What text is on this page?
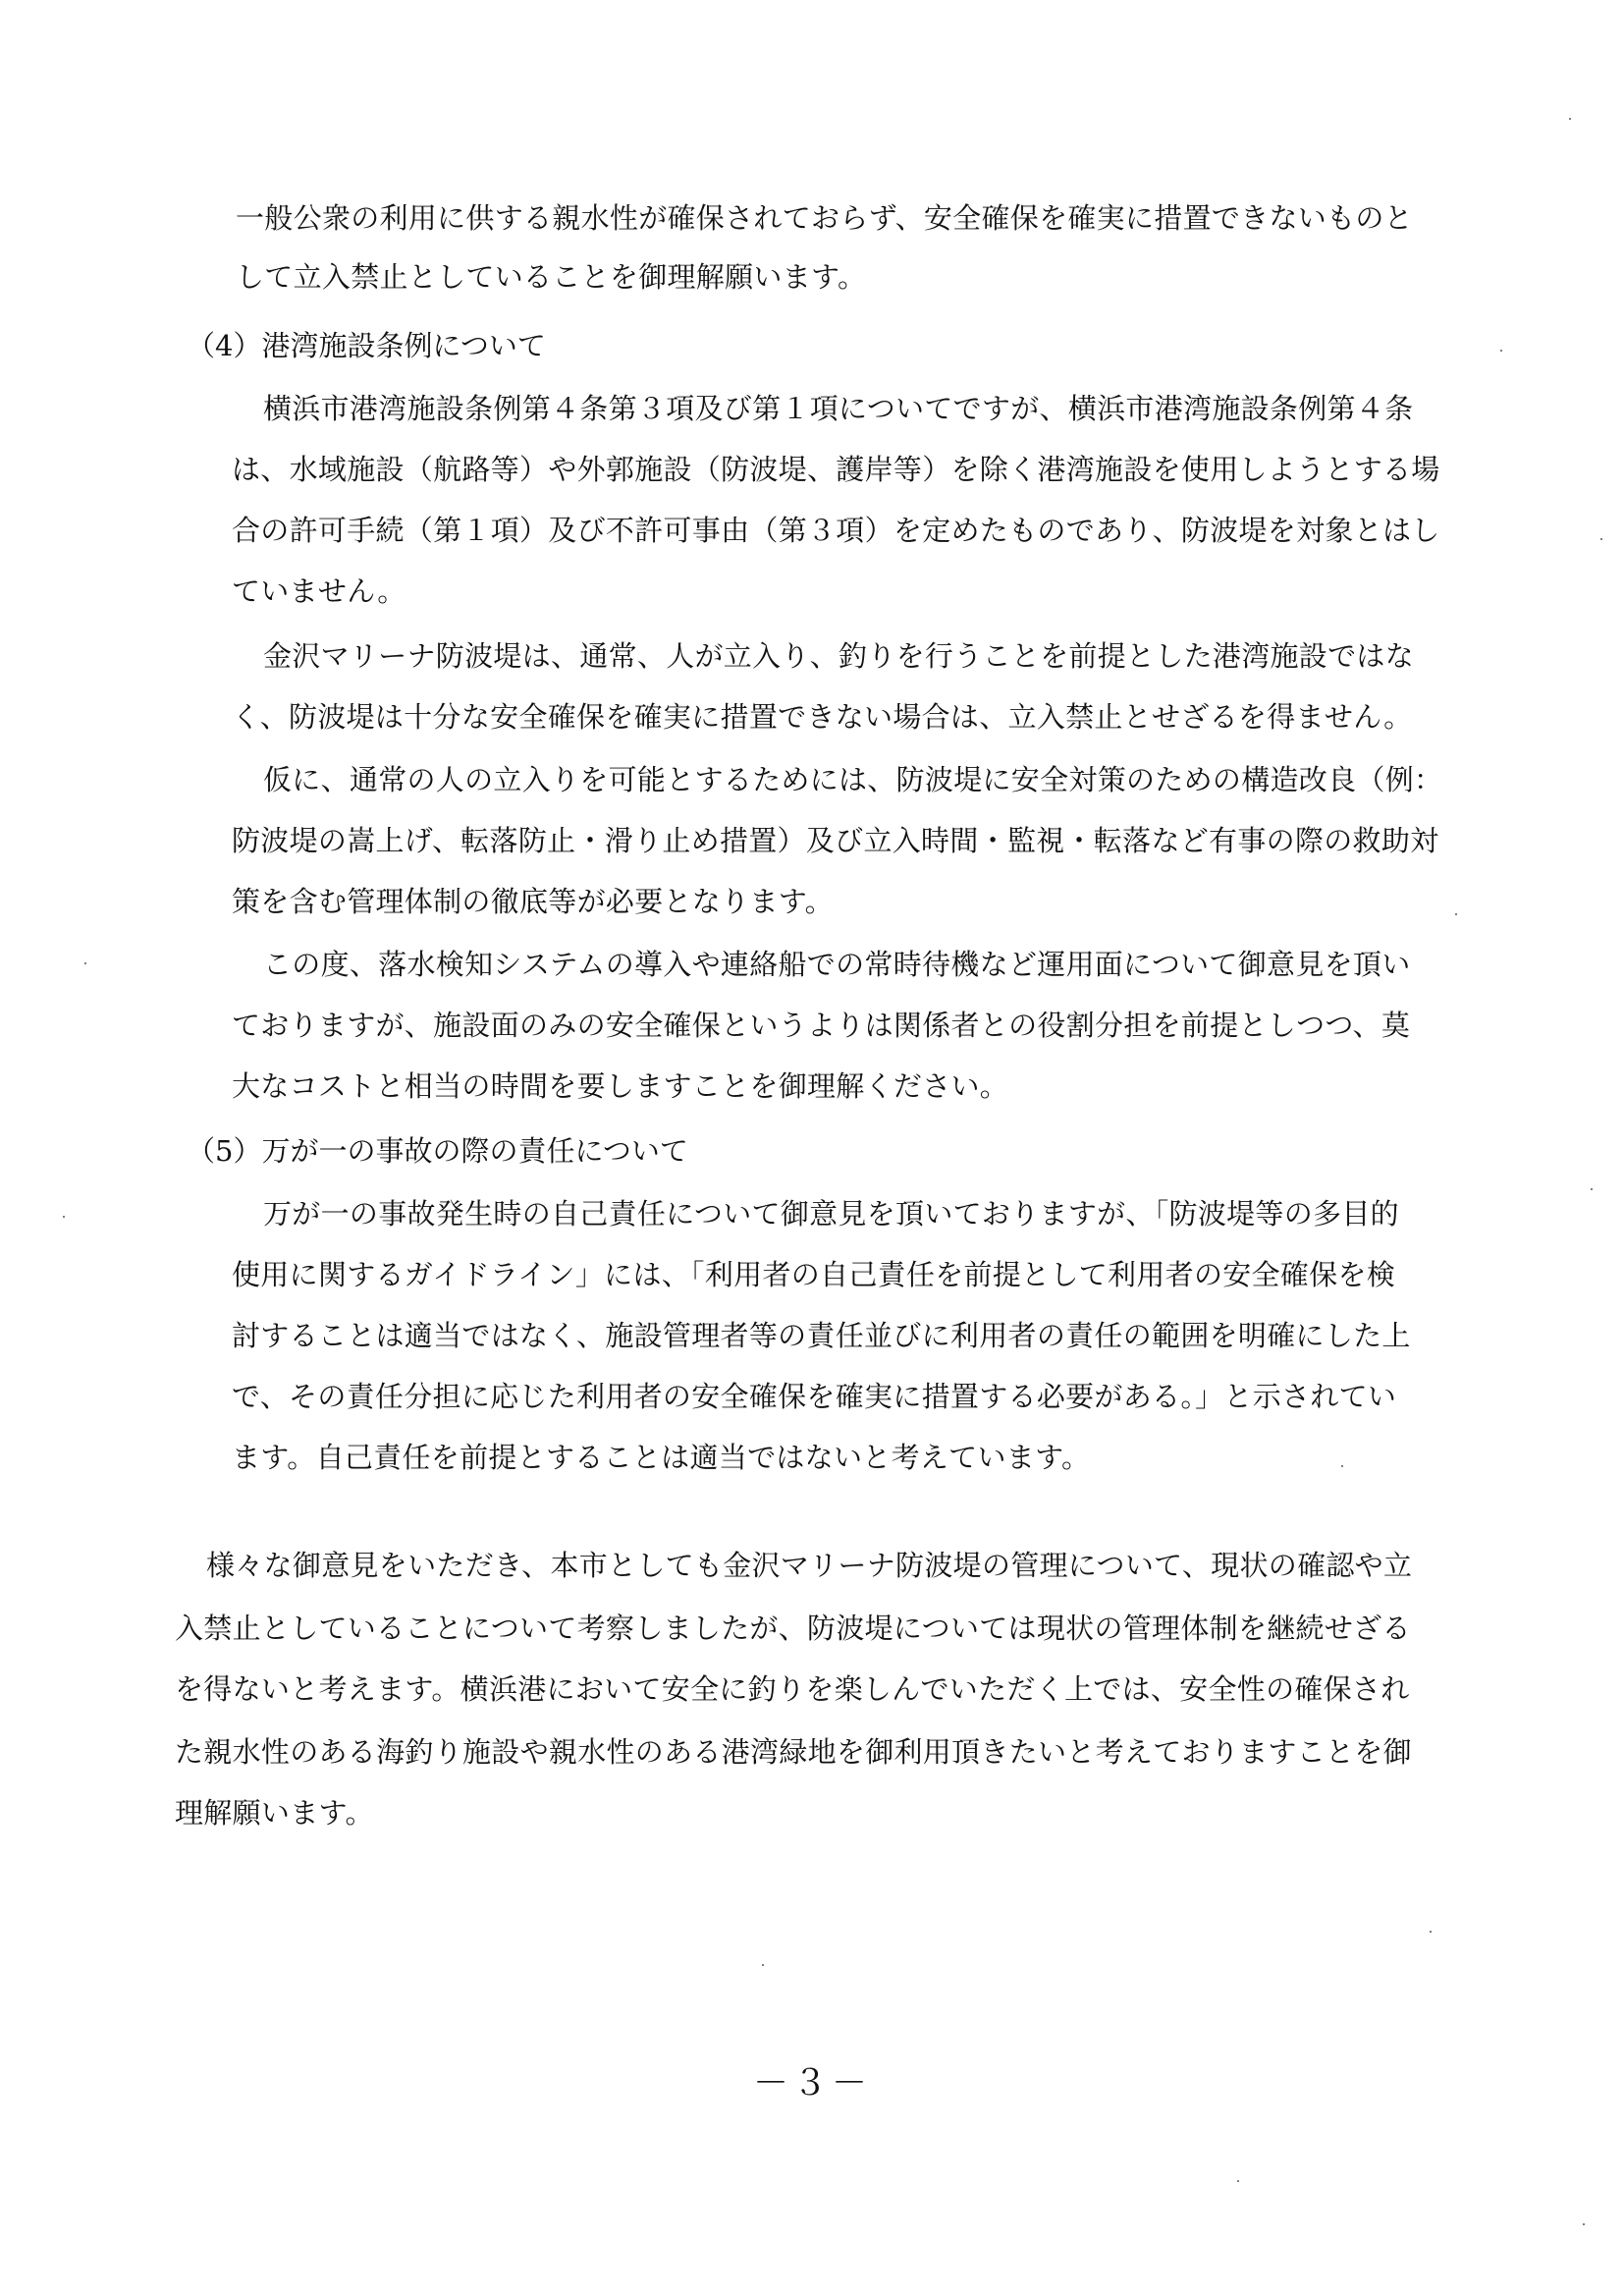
一般公衆の利用に供する親水性が確保されておらず、安全確保を確実に措置できないものと
して立入禁止としていることを御理解願います。
（4）港湾施設条例について
横浜市港湾施設条例第４条第３項及び第１項についてですが、横浜市港湾施設条例第４条
は、水域施設（航路等）や外郭施設（防波堤、護岸等）を除く港湾施設を使用しようとする場
合の許可手続（第１項）及び不許可事由（第３項）を定めたものであり、防波堤を対象とはし
ていません。
金沢マリーナ防波堤は、通常、人が立入り、釣りを行うことを前提とした港湾施設ではな
く、防波堤は十分な安全確保を確実に措置できない場合は、立入禁止とせざるを得ません。
仮に、通常の人の立入りを可能とするためには、防波堤に安全対策のための構造改良（例：
防波堤の嵩上げ、転落防止・滑り止め措置）及び立入時間・監視・転落など有事の際の救助対
策を含む管理体制の徹底等が必要となります。
この度、落水検知システムの導入や連絡船での常時待機など運用面について御意見を頂い
ておりますが、施設面のみの安全確保というよりは関係者との役割分担を前提としつつ、莫
大なコストと相当の時間を要しますことを御理解ください。
（5）万が一の事故の際の責任について
万が一の事故発生時の自己責任について御意見を頂いておりますが、「防波堤等の多目的
使用に関するガイドライン」には、「利用者の自己責任を前提として利用者の安全確保を検
討することは適当ではなく、施設管理者等の責任並びに利用者の責任の範囲を明確にした上
で、その責任分担に応じた利用者の安全確保を確実に措置する必要がある。」と示されてい
ます。自己責任を前提とすることは適当ではないと考えています。
様々な御意見をいただき、本市としても金沢マリーナ防波堤の管理について、現状の確認や立
入禁止としていることについて考察しましたが、防波堤については現状の管理体制を継続せざる
を得ないと考えます。横浜港において安全に釣りを楽しんでいただく上では、安全性の確保され
た親水性のある海釣り施設や親水性のある港湾緑地を御利用頂きたいと考えておりますことを御
理解願います。
－３－
